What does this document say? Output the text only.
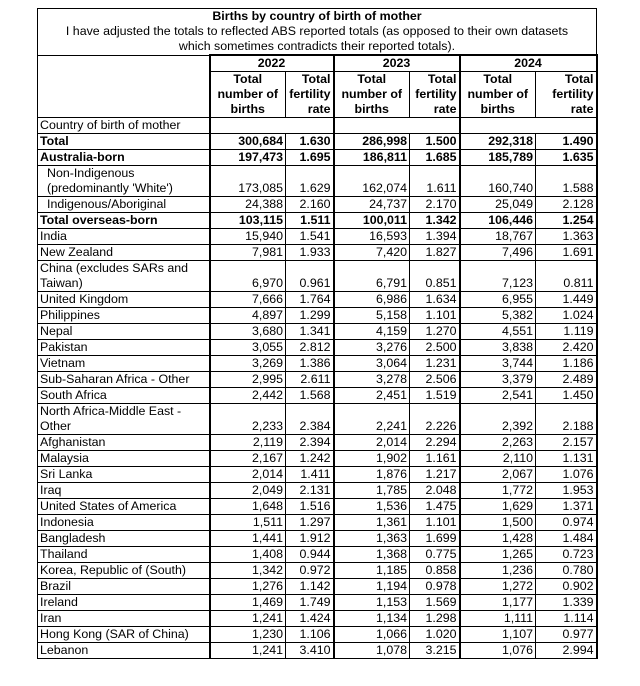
Births by country of birth of mother						
I have adjusted the totals to reflected ABS reported totals (as opposed to their own datasets						
which sometimes contradicts their reported totals).						
	2022		2023		2024	
	Total	Total	Total	Total	Total	Total
	number of	fertility	number of	fertility	number of	fertility
	births	rate	births	rate	births	rate
Country of birth of mother						
Total	300,684	1.630	286,998	1.500	292,318	1.490
Australia-born	197,473	1.695	186,811	1.685	185,789	1.635
Non-Indigenous						
(predominantly 'White')	173,085	1.629	162,074	1.611	160,740	1.588
Indigenous/Aboriginal	24,388	2.160	24,737	2.170	25,049	2.128
Total overseas-born	103,115	1.511	100,011	1.342	106,446	1.254
India	15,940	1.541	16,593	1.394	18,767	1.363
New Zealand	7,981	1.933	7,420	1.827	7,496	1.691
China (excludes SARs and						
Taiwan)	6,970	0.961	6,791	0.851	7,123	0.811
United Kingdom	7,666	1.764	6,986	1.634	6,955	1.449
Philippines	4,897	1.299	5,158	1.101	5,382	1.024
Nepal	3,680	1.341	4,159	1.270	4,551	1.119
Pakistan	3,055	2.812	3,276	2.500	3,838	2.420
Vietnam	3,269	1.386	3,064	1.231	3,744	1.186
Sub-Saharan Africa - Other	2,995	2.611	3,278	2.506	3,379	2.489
South Africa	2,442	1.568	2,451	1.519	2,541	1.450
North Africa-Middle East -						
Other	2,233	2.384	2,241	2.226	2,392	2.188
Afghanistan	2,119	2.394	2,014	2.294	2,263	2.157
Malaysia	2,167	1.242	1,902	1.161	2,110	1.131
Sri Lanka	2,014	1.411	1,876	1.217	2,067	1.076
Iraq	2,049	2.131	1,785	2.048	1,772	1.953
United States of America	1,648	1.516	1,536	1.475	1,629	1.371
Indonesia	1,511	1.297	1,361	1.101	1,500	0.974
Bangladesh	1,441	1.912	1,363	1.699	1,428	1.484
Thailand	1,408	0.944	1,368	0.775	1,265	0.723
Korea, Republic of (South)	1,342	0.972	1,185	0.858	1,236	0.780
Brazil	1,276	1.142	1,194	0.978	1,272	0.902
Ireland	1,469	1.749	1,153	1.569	1,177	1.339
Iran	1,241	1.424	1,134	1.298	1,111	1.114
Hong Kong (SAR of China)	1,230	1.106	1,066	1.020	1,107	0.977
Lebanon	1,241	3.410	1,078	3.215	1,076	2.994
